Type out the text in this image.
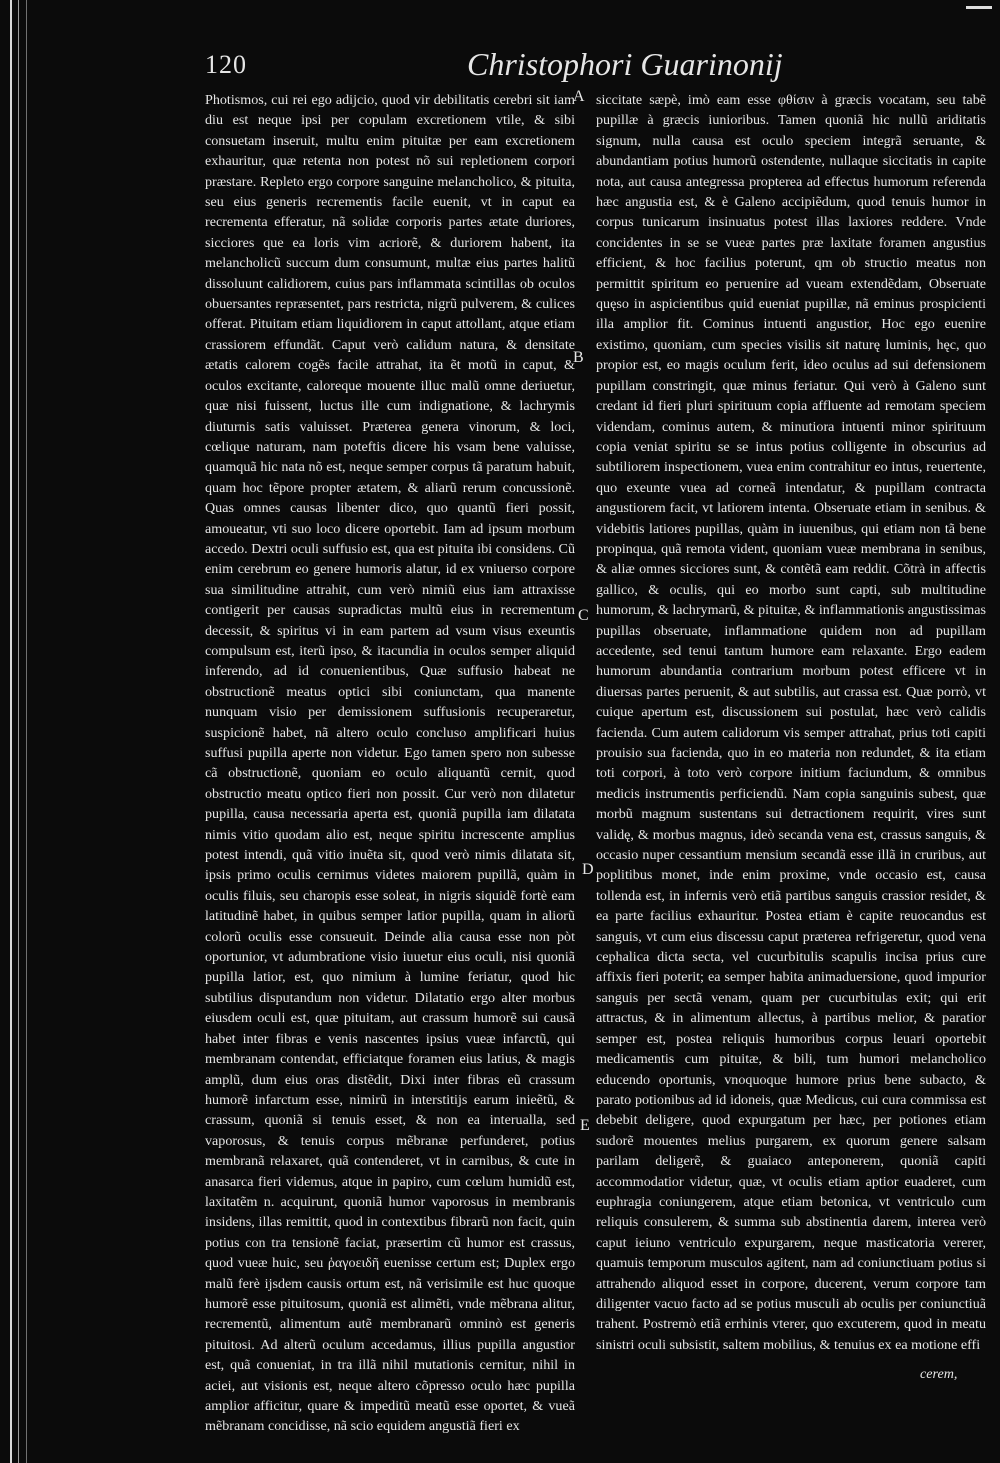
120	Christophori Guarinonij

Photismos, cui rei ego adijcio, quod vir debilitatis cerebri sit iam diu est neque ipsi per copulam excretionem vtile, & sibi consuetam inseruit, multu enim pituitæ per eam excretionem exhauritur, quæ retenta non potest nõ sui repletionem corpori præstare. Repleto ergo corpore sanguine melancholico, & pituita, seu eius generis recrementis facile euenit, vt in caput ea recrementa efferatur, nã solidæ corporis partes ætate duriores, sicciores que ea loris vim acriorẽ, & duriorem habent, ita melancholicũ succum dum consumunt, multæ eius partes halitũ dissoluunt calidiorem, cuius pars inflammata scintillas ob oculos obuersantes repræsentet, pars restricta, nigrũ pulverem, & culices offerat. Pituitam etiam liquidiorem in caput attollant, atque etiam crassiorem effundãt. Caput verò calidum natura, & densitate ætatis calorem cogẽs facile attrahat, ita ẽt motũ in caput, & oculos excitante, caloreque mouente illuc malũ omne deriuetur, quæ nisi fuissent, luctus ille cum indignatione, & lachrymis diuturnis satis valuisset. Præterea genera vinorum, & loci, cœlique naturam, nam poteftis dicere his vsam bene valuisse, quamquã hic nata nõ est, neque semper corpus tã paratum habuit, quam hoc tẽpore propter ætatem, & aliarũ rerum concussionẽ. Quas omnes causas libenter dico, quo quantũ fieri possit, amoueatur, vti suo loco dicere oportebit. Iam ad ipsum morbum accedo. Dextri oculi suffusio est, qua est pituita ibi considens. Cũ enim cerebrum eo genere humoris alatur, id ex vniuerso corpore sua similitudine attrahit, cum verò nimiũ eius iam attraxisse contigerit per causas supradictas multũ eius in recrementum decessit, & spiritus vi in eam partem ad vsum visus exeuntis compulsum est, iterũ ipso, & itacundia in oculos semper aliquid inferendo, ad id conuenientibus, Quæ suffusio habeat ne obstructionẽ meatus optici sibi coniunctam, qua manente nunquam visio per demissionem suffusionis recuperaretur, suspicionẽ habet, nã altero oculo concluso amplificari huius suffusi pupilla aperte non videtur. Ego tamen spero non subesse cã obstructionẽ, quoniam eo oculo aliquantũ cernit, quod obstructio meatu optico fieri non possit. Cur verò non dilatetur pupilla, causa necessaria aperta est, quoniã pupilla iam dilatata nimis vitio quodam alio est, neque spiritu increscente amplius potest intendi, quã vitio inuẽta sit, quod verò nimis dilatata sit, ipsis primo oculis cernimus videtes maiorem pupillã, quàm in oculis filuis, seu charopis esse soleat, in nigris siquidẽ fortè eam latitudinẽ habet, in quibus semper latior pupilla, quam in aliorũ colorũ oculis esse consueuit. Deinde alia causa esse non pòt oportunior, vt adumbratione visio iuuetur eius oculi, nisi quoniã pupilla latior, est, quo nimium à lumine feriatur, quod hic subtilius disputandum non videtur. Dilatatio ergo alter morbus eiusdem oculi est, quæ pituitam, aut crassum humorẽ sui causã habet inter fibras e venis nascentes ipsius vueæ infarctũ, qui membranam contendat, efficiatque foramen eius latius, & magis amplũ, dum eius oras distẽdit, Dixi inter fibras eũ crassum humorẽ infarctum esse, nimirũ in interstitijs earum inieẽtũ, & crassum, quoniã si tenuis esset, & non ea interualla, sed vaporosus, & tenuis corpus mẽbranæ perfunderet, potius membranã relaxaret, quã contenderet, vt in carnibus, & cute in anasarca fieri videmus, atque in papiro, cum cœlum humidũ est, laxitatẽm n. acquirunt, quoniã humor vaporosus in membranis insidens, illas remittit, quod in contextibus fibrarũ non facit, quin potius con tra tensionẽ faciat, præsertim cũ humor est crassus, quod vueæ huic, seu ῥαγοειδῆ euenisse certum est; Duplex ergo malũ ferè ijsdem causis ortum est, nã verisimile est huc quoque humorẽ esse pituitosum, quoniã est alimẽti, vnde mẽbrana alitur, recrementũ, alimentum autẽ membranarũ omninò est generis pituitosi. Ad alterũ oculum accedamus, illius pupilla angustior est, quã conueniat, in tra illã nihil mutationis cernitur, nihil in aciei, aut visionis est, neque altero cõpresso oculo hæc pupilla amplior afficitur, quare & impeditũ meatũ esse oportet, & vueã mẽbranam concidisse, nã scio equidem angustiã fieri ex

A
B
C
D
E

siccitate sæpè, imò eam esse φθίσιν à græcis vocatam, seu tabẽ pupillæ à græcis iunioribus. Tamen quoniã hic nullũ ariditatis signum, nulla causa est oculo speciem integrã seruante, & abundantiam potius humorũ ostendente, nullaque siccitatis in capite nota, aut causa antegressa propterea ad effectus humorum referenda hæc angustia est, & è Galeno accipiẽdum, quod tenuis humor in corpus tunicarum insinuatus potest illas laxiores reddere. Vnde concidentes in se se vueæ partes præ laxitate foramen angustius efficient, & hoc facilius poterunt, qm ob structio meatus non permittit spiritum eo peruenire ad vueam extendẽdam, Obseruate quęso in aspicientibus quid eueniat pupillæ, nã eminus prospicienti illa amplior fit. Cominus intuenti angustior, Hoc ego euenire existimo, quoniam, cum species visilis sit naturę luminis, hęc, quo propior est, eo magis oculum ferit, ideo oculus ad sui defensionem pupillam constringit, quæ minus feriatur. Qui verò à Galeno sunt credant id fieri pluri spirituum copia affluente ad remotam speciem videndam, cominus autem, & minutiora intuenti minor spirituum copia veniat spiritu se se intus potius colligente in obscurius ad subtiliorem inspectionem, vuea enim contrahitur eo intus, reuertente, quo exeunte vuea ad corneã intendatur, & pupillam contracta angustiorem facit, vt latiorem intenta. Obseruate etiam in senibus. & videbitis latiores pupillas, quàm in iuuenibus, qui etiam non tã bene propinqua, quã remota vident, quoniam vueæ membrana in senibus, & aliæ omnes sicciores sunt, & contẽtã eam reddit. Cõtrà in affectis gallico, & oculis, qui eo morbo sunt capti, sub multitudine humorum, & lachrymarũ, & pituitæ, & inflammationis angustissimas pupillas obseruate, inflammatione quidem non ad pupillam accedente, sed tenui tantum humore eam relaxante. Ergo eadem humorum abundantia contrarium morbum potest efficere vt in diuersas partes peruenit, & aut subtilis, aut crassa est. Quæ porrò, vt cuique apertum est, discussionem sui postulat, hæc verò calidis facienda. Cum autem calidorum vis semper attrahat, prius toti capiti prouisio sua facienda, quo in eo materia non redundet, & ita etiam toti corpori, à toto verò corpore initium faciundum, & omnibus medicis instrumentis perficiendũ. Nam copia sanguinis subest, quæ morbũ magnum sustentans sui detractionem requirit, vires sunt validę, & morbus magnus, ideò secanda vena est, crassus sanguis, & occasio nuper cessantium mensium secandã esse illã in cruribus, aut poplitibus monet, inde enim proxime, vnde occasio est, causa tollenda est, in infernis verò etiã partibus sanguis crassior residet, & ea parte facilius exhauritur. Postea etiam è capite reuocandus est sanguis, vt cum eius discessu caput præterea refrigeretur, quod vena cephalica dicta secta, vel cucurbitulis scapulis incisa prius cure affixis fieri poterit; ea semper habita animaduersione, quod impurior sanguis per sectã venam, quam per cucurbitulas exit; qui erit attractus, & in alimentum allectus, à partibus melior, & paratior semper est, postea reliquis humoribus corpus leuari oportebit medicamentis cum pituitæ, & bili, tum humori melancholico educendo oportunis, vnoquoque humore prius bene subacto, & parato potionibus ad id idoneis, quæ Medicus, cui cura commissa est debebit deligere, quod expurgatum per hæc, per potiones etiam sudorẽ mouentes melius purgarem, ex quorum genere salsam parilam deligerẽ, & guaiaco anteponerem, quoniã capiti accommodatior videtur, quæ, vt oculis etiam aptior euaderet, cum euphragia coniungerem, atque etiam betonica, vt ventriculo cum reliquis consulerem, & summa sub abstinentia darem, interea verò caput ieiuno ventriculo expurgarem, neque masticatoria vererer, quamuis temporum musculos agitent, nam ad coniunctiuam potius si attrahendo aliquod esset in corpore, ducerent, verum corpore tam diligenter vacuo facto ad se potius musculi ab oculis per coniunctiuã trahent. Postremò etiã errhinis vterer, quo excuterem, quod in meatu sinistri oculi subsistit, saltem mobilius, & tenuius ex ea motione effi

cerem,
